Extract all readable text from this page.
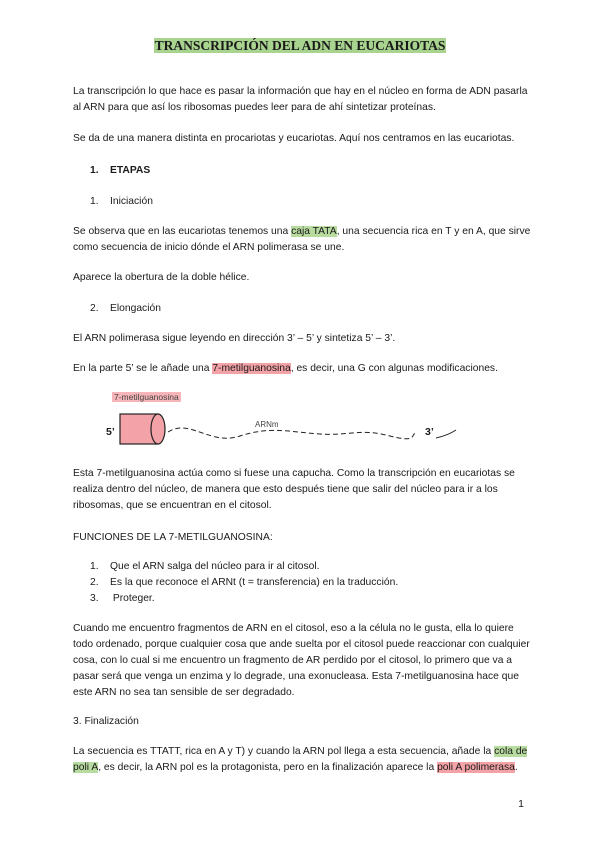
TRANSCRIPCIÓN DEL ADN EN EUCARIOTAS
La transcripción lo que hace es pasar la información que hay en el núcleo en forma de ADN pasarla al ARN para que así los ribosomas puedes leer para de ahí sintetizar proteínas.
Se da de una manera distinta en procariotas y eucariotas. Aquí nos centramos en las eucariotas.
1. ETAPAS
1. Iniciación
Se observa que en las eucariotas tenemos una caja TATA, una secuencia rica en T y en A, que sirve como secuencia de inicio dónde el ARN polimerasa se une.
Aparece la obertura de la doble hélice.
2. Elongación
El ARN polimerasa sigue leyendo en dirección 3’ – 5’ y sintetiza 5’ – 3’.
En la parte 5’ se le añade una 7-metilguanosina, es decir, una G con algunas modificaciones.
7-metilguanosina
5’	3’
ARNm
Esta 7-metilguanosina actúa como si fuese una capucha. Como la transcripción en eucariotas se realiza dentro del núcleo, de manera que esto después tiene que salir del núcleo para ir a los ribosomas, que se encuentran en el citosol.
FUNCIONES DE LA 7-METILGUANOSINA:
1. Que el ARN salga del núcleo para ir al citosol.
2. Es la que reconoce el ARNt (t = transferencia) en la traducción.
3. Proteger.
Cuando me encuentro fragmentos de ARN en el citosol, eso a la célula no le gusta, ella lo quiere todo ordenado, porque cualquier cosa que ande suelta por el citosol puede reaccionar con cualquier cosa, con lo cual si me encuentro un fragmento de AR perdido por el citosol, lo primero que va a pasar será que venga un enzima y lo degrade, una exonucleasa. Esta 7-metilguanosina hace que este ARN no sea tan sensible de ser degradado.
3. Finalización
La secuencia es TTATT, rica en A y T) y cuando la ARN pol llega a esta secuencia, añade la cola de poli A, es decir, la ARN pol es la protagonista, pero en la finalización aparece la poli A polimerasa.
1
